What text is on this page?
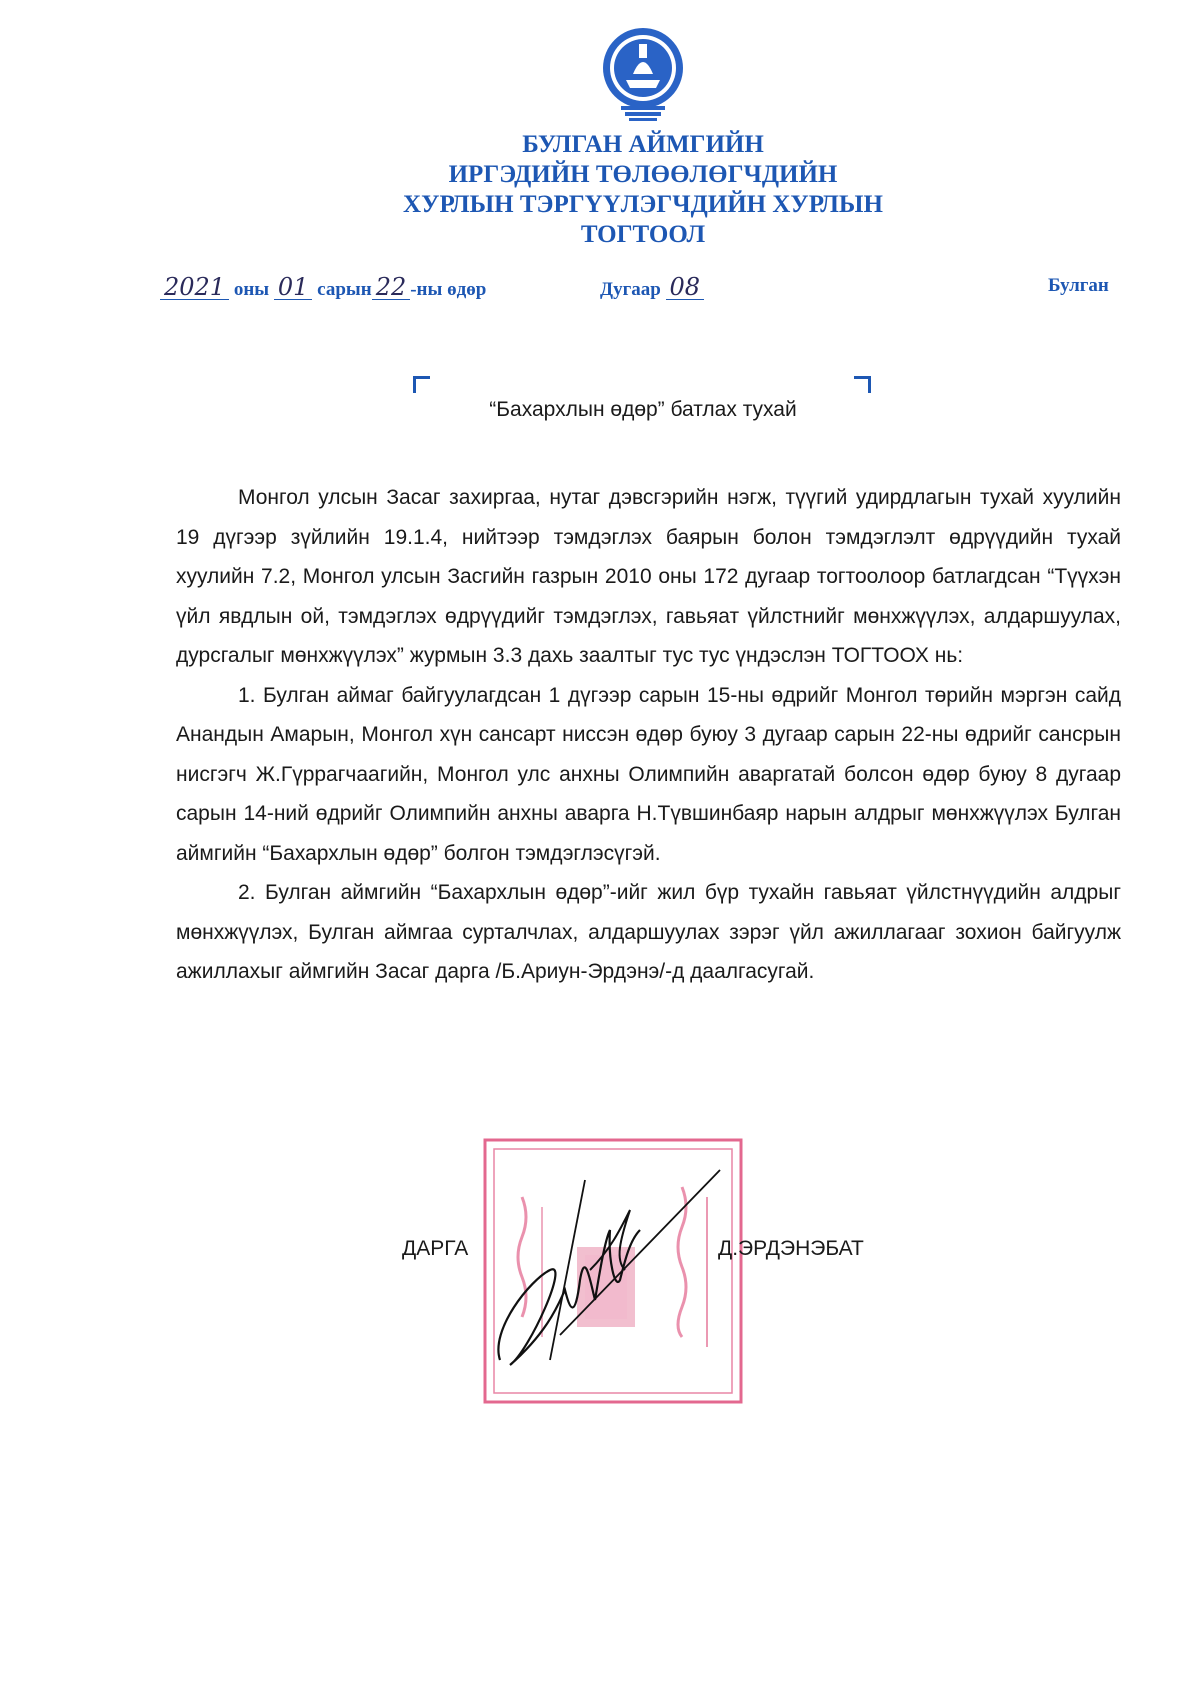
БУЛГАН АЙМГИЙН
ИРГЭДИЙН ТӨЛӨӨЛӨГЧДИЙН
ХУРЛЫН ТЭРГҮҮЛЭГЧДИЙН ХУРЛЫН
ТОГТООЛ
2021 оны 01 сарын 22 -ны өдөр	Дугаар 08	Булган
“Бахархлын өдөр” батлах тухай

Монгол улсын Засаг захиргаа, нутаг дэвсгэрийн нэгж, түүгий удирдлагын тухай хуулийн 19 дүгээр зүйлийн 19.1.4, нийтээр тэмдэглэх баярын болон тэмдэглэлт өдрүүдийн тухай хуулийн 7.2, Монгол улсын Засгийн газрын 2010 оны 172 дугаар тогтоолоор батлагдсан “Түүхэн үйл явдлын ой, тэмдэглэх өдрүүдийг тэмдэглэх, гавьяат үйлстнийг мөнхжүүлэх, алдаршуулах, дурсгалыг мөнхжүүлэх” журмын 3.3 дахь заалтыг тус тус үндэслэн ТОГТООХ нь:

1. Булган аймаг байгуулагдсан 1 дүгээр сарын 15-ны өдрийг Монгол төрийн мэргэн сайд Анандын Амарын, Монгол хүн сансарт ниссэн өдөр буюу 3 дугаар сарын 22-ны өдрийг сансрын нисгэгч Ж.Гүррагчаагийн, Монгол улс анхны Олимпийн аваргатай болсон өдөр буюу 8 дугаар сарын 14-ний өдрийг Олимпийн анхны аварга Н.Түвшинбаяр нарын алдрыг мөнхжүүлэх Булган аймгийн “Бахархлын өдөр” болгон тэмдэглэсүгэй.

2. Булган аймгийн “Бахархлын өдөр”-ийг жил бүр тухайн гавьяат үйлстнүүдийн алдрыг мөнхжүүлэх, Булган аймгаа сурталчлах, алдаршуулах зэрэг үйл ажиллагааг зохион байгуулж ажиллахыг аймгийн Засаг дарга /Б.Ариун-Эрдэнэ/-д даалгасугай.

ДАРГА	Д.ЭРДЭНЭБАТ
